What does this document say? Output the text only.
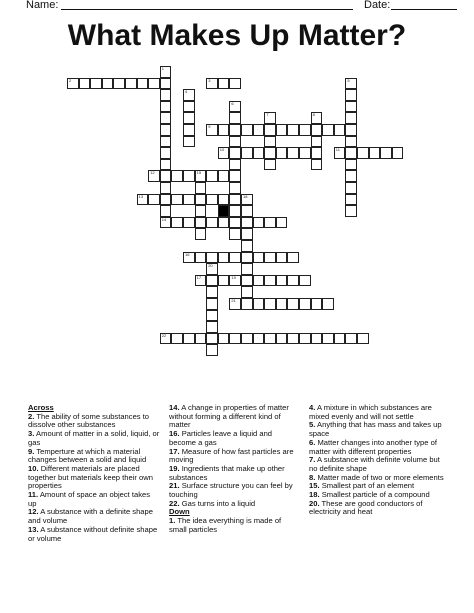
Name:	Date:
What Makes Up Matter?
2	3
9
10	11
12	15
13	18
14
16
17	19
21
22
1
4
5
6
7	8
20
Across
2. The ability of some substances to dissolve other substances
3. Amount of matter in a solid, liquid, or gas
9. Temperture at which a material changes between a solid and liquid
10. Different materials are placed together but materials keep their own properties
11. Amount of space an object takes up
12. A substance with a definite shape and volume
13. A substance without definite shape or volume
14. A change in properties of matter without forming a different kind of matter
16. Particles leave a liquid and become a gas
17. Measure of how fast particles are moving
19. Ingredients that make up other substances
21. Surface structure you can feel by touching
22. Gas turns into a liquid
Down
1. The idea everything is made of small particles
4. A mixture in which substances are mixed evenly and will not settle
5. Anything that has mass and takes up space
6. Matter changes into another type of matter with different properties
7. A substance with definite volume but no definite shape
8. Matter made of two or more elements
15. Smallest part of an element
18. Smallest particle of a compound
20. These are good conductors of electricity and heat
